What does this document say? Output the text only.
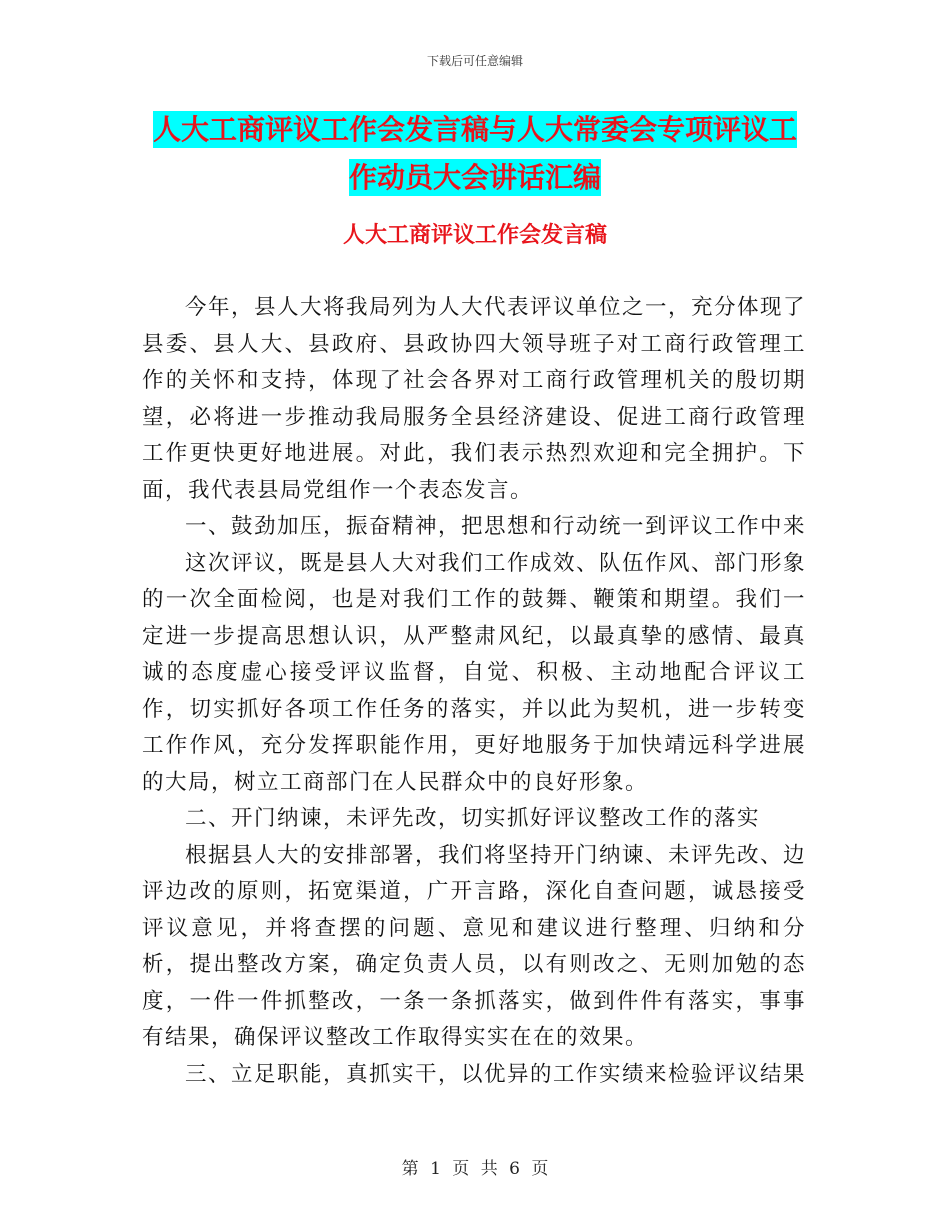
下载后可任意编辑
人大工商评议工作会发言稿与人大常委会专项评议工
作动员大会讲话汇编
人大工商评议工作会发言稿

今年，县人大将我局列为人大代表评议单位之一，充分体现了县委、县人大、县政府、县政协四大领导班子对工商行政管理工作的关怀和支持，体现了社会各界对工商行政管理机关的殷切期望，必将进一步推动我局服务全县经济建设、促进工商行政管理工作更快更好地进展。对此，我们表示热烈欢迎和完全拥护。下面，我代表县局党组作一个表态发言。

一、鼓劲加压，振奋精神，把思想和行动统一到评议工作中来

这次评议，既是县人大对我们工作成效、队伍作风、部门形象的一次全面检阅，也是对我们工作的鼓舞、鞭策和期望。我们一定进一步提高思想认识，从严整肃风纪，以最真挚的感情、最真诚的态度虚心接受评议监督，自觉、积极、主动地配合评议工作，切实抓好各项工作任务的落实，并以此为契机，进一步转变工作作风，充分发挥职能作用，更好地服务于加快靖远科学进展的大局，树立工商部门在人民群众中的良好形象。

二、开门纳谏，未评先改，切实抓好评议整改工作的落实

根据县人大的安排部署，我们将坚持开门纳谏、未评先改、边评边改的原则，拓宽渠道，广开言路，深化自查问题，诚恳接受评议意见，并将查摆的问题、意见和建议进行整理、归纳和分析，提出整改方案，确定负责人员，以有则改之、无则加勉的态度，一件一件抓整改，一条一条抓落实，做到件件有落实，事事有结果，确保评议整改工作取得实实在在的效果。

三、立足职能，真抓实干，以优异的工作实绩来检验评议结果

第 1 页 共 6 页
